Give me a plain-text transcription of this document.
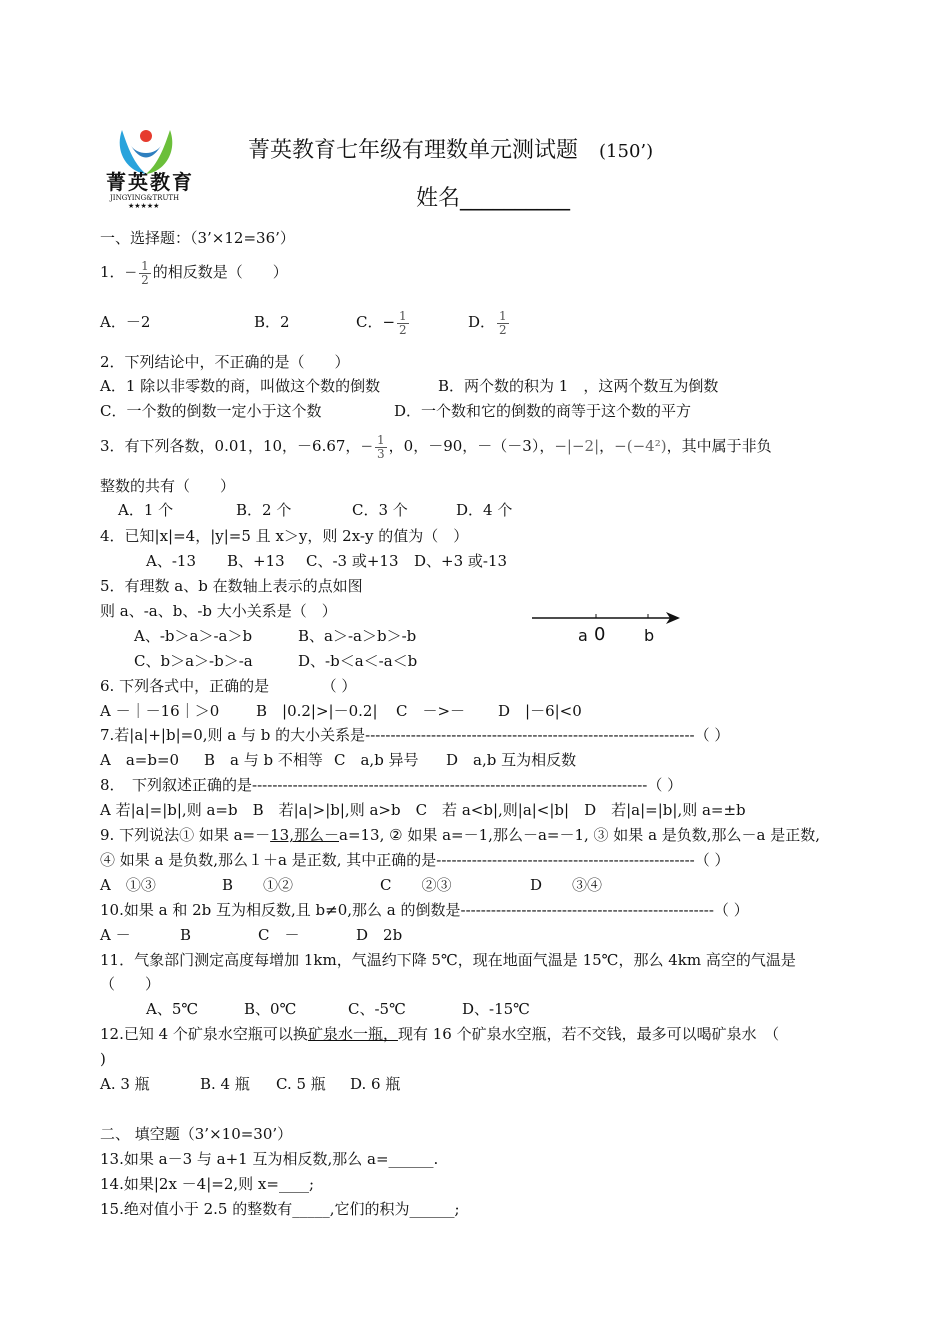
菁英教育
JINGYING&TRUTH
★★★★★
菁英教育七年级有理数单元测试题 (150’)
姓名__________
一、选择题：（3’×12=36’）
1．− $\frac{1}{2}$ 的相反数是（　　）
A．－2	B．2	C．− $\frac{1}{2}$	D． $\frac{1}{2}$
2．下列结论中，不正确的是（　　）
A．1 除以非零数的商，叫做这个数的倒数	B．两个数的积为 1　，这两个数互为倒数
C．一个数的倒数一定小于这个数	D．一个数和它的倒数的商等于这个数的平方
3．有下列各数，0.01，10，－6.67，− $\frac{1}{3}$ ，0，－90，－（－3），−|−2|，−(−4²)，其中属于非负
整数的共有（　　）
A．1 个	B．2 个	C．3 个	D．4 个
4．已知|x|=4，|y|=5 且 x＞y，则 2x-y 的值为（　）
A、-13 B、+13 C、-3 或+13 D、+3 或-13
5．有理数 a、b 在数轴上表示的点如图
则 a、-a、b、-b 大小关系是（　）
A、-b＞a＞-a＞b	B、a＞-a＞b＞-b
C、b＞a＞-b＞-a	D、-b＜a＜-a＜b
a 0 b
6. 下列各式中，正确的是　　　　（ ）
A －｜－16｜＞0 B　|0.2|>|－0.2| C　－>－ D　|－6|<0
7.若|a|+|b|=0,则 a 与 b 的大小关系是-----------------------------------------------------------------（ ）
A　a=b=0 B　a 与 b 不相等 C　a,b 异号 D　a,b 互为相反数
8．　下列叙述正确的是------------------------------------------------------------------------------（ ）
A 若|a|=|b|,则 a=b　B　若|a|>|b|,则 a>b　C　若 a<b|,则|a|<|b|　D　若|a|=|b|,则 a=±b
9. 下列说法① 如果 a=－13,那么－a=13, ② 如果 a=－1,那么－a=－1, ③ 如果 a 是负数,那么－a 是正数,
④ 如果 a 是负数,那么１＋a 是正数, 其中正确的是---------------------------------------------------（ ）
A　①③	B　　①②	C　　②③	D　　③④
10.如果 a 和 2b 互为相反数,且 b≠0,那么 a 的倒数是--------------------------------------------------（ ）
A －	B	C　－	D　2b
11．气象部门测定高度每增加 1km，气温约下降 5℃，现在地面气温是 15℃，那么 4km 高空的气温是
（　　）
A、5℃	B、0℃	C、-5℃	D、-15℃
12.已知 4 个矿泉水空瓶可以换矿泉水一瓶，现有 16 个矿泉水空瓶，若不交钱，最多可以喝矿泉水　（
)
A. 3 瓶	B. 4 瓶 C. 5 瓶 D. 6 瓶
二、 填空题（3’×10=30’）
13.如果 a－3 与 a+1 互为相反数,那么 a=______.
14.如果|2x －4|=2,则 x=____;
15.绝对值小于 2.5 的整数有_____,它们的积为______;
